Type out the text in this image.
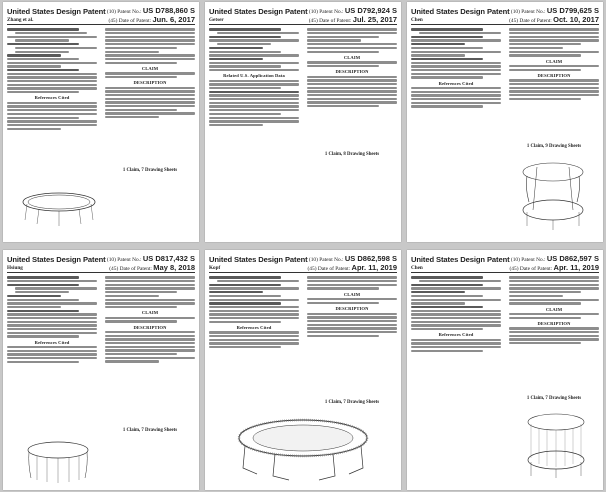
United States Design Patent
Zhang et al.
(10) Patent No.: US D788,860 S
(45) Date of Patent: Jun. 6, 2017
References Cited
CLAIM
DESCRIPTION
1 Claim, 7 Drawing Sheets
United States Design Patent
Getser
(10) Patent No.: US D792,924 S
(45) Date of Patent: Jul. 25, 2017
Related U.S. Application Data
CLAIM
DESCRIPTION
1 Claim, 8 Drawing Sheets
United States Design Patent
Chen
(10) Patent No.: US D799,625 S
(45) Date of Patent: Oct. 10, 2017
References Cited
CLAIM
DESCRIPTION
1 Claim, 9 Drawing Sheets
United States Design Patent
Hsiung
(10) Patent No.: US D817,432 S
(45) Date of Patent: May 8, 2018
References Cited
CLAIM
DESCRIPTION
1 Claim, 7 Drawing Sheets
United States Design Patent
Kopf
(10) Patent No.: US D862,598 S
(45) Date of Patent: Apr. 11, 2019
References Cited
CLAIM
DESCRIPTION
1 Claim, 7 Drawing Sheets
United States Design Patent
Chen
(10) Patent No.: US D862,597 S
(45) Date of Patent: Apr. 11, 2019
References Cited
CLAIM
DESCRIPTION
1 Claim, 7 Drawing Sheets
